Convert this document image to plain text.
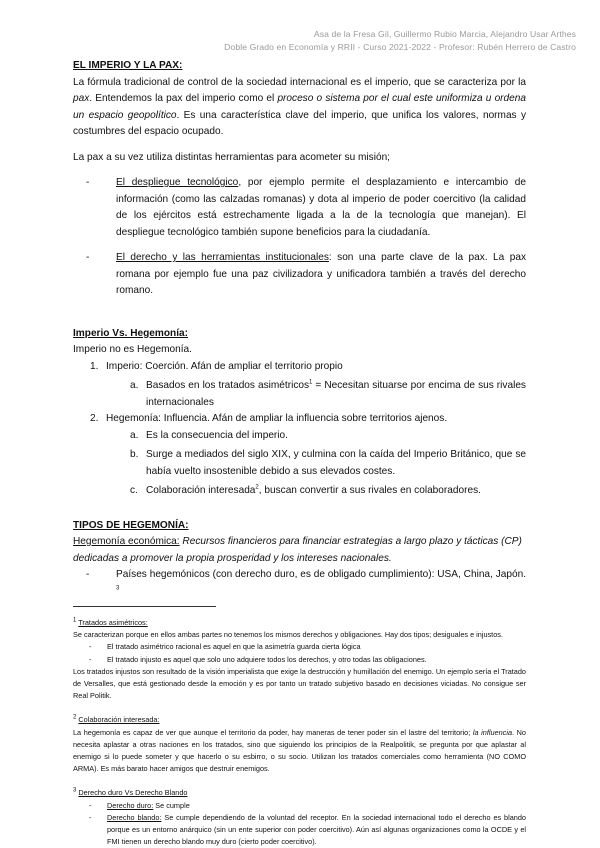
Asa de la Fresa Gil, Guillermo Rubio Marcia, Alejandro Usar Arthes
Doble Grado en Economía y RRII - Curso 2021-2022 - Profesor: Rubén Herrero de Castro
EL IMPERIO Y LA PAX:
La fórmula tradicional de control de la sociedad internacional es el imperio, que se caracteriza por la pax. Entendemos la pax del imperio como el proceso o sistema por el cual este uniformiza u ordena un espacio geopolítico. Es una característica clave del imperio, que unifica los valores, normas y costumbres del espacio ocupado.
La pax a su vez utiliza distintas herramientas para acometer su misión;
-	El despliegue tecnológico, por ejemplo permite el desplazamiento e intercambio de información (como las calzadas romanas) y dota al imperio de poder coercitivo (la calidad de los ejércitos está estrechamente ligada a la de la tecnología que manejan). El despliegue tecnológico también supone beneficios para la ciudadanía.
-	El derecho y las herramientas institucionales: son una parte clave de la pax. La pax romana por ejemplo fue una paz civilizadora y unificadora también a través del derecho romano.
Imperio Vs. Hegemonía:
Imperio no es Hegemonía.
1. Imperio: Coerción. Afán de ampliar el territorio propio
a. Basados en los tratados asimétricos$^1$ = Necesitan situarse por encima de sus rivales internacionales
2. Hegemonía: Influencia. Afán de ampliar la influencia sobre territorios ajenos.
a. Es la consecuencia del imperio.
b. Surge a mediados del siglo XIX, y culmina con la caída del Imperio Británico, que se había vuelto insostenible debido a sus elevados costes.
c. Colaboración interesada$^2$, buscan convertir a sus rivales en colaboradores.
TIPOS DE HEGEMONÍA:
Hegemonía económica: Recursos financieros para financiar estrategias a largo plazo y tácticas (CP) dedicadas a promover la propia prosperidad y los intereses nacionales.
-	Países hegemónicos (con derecho duro, es de obligado cumplimiento): USA, China, Japón. $^3$
$^1$ Tratados asimétricos:
Se caracterizan porque en ellos ambas partes no tenemos los mismos derechos y obligaciones. Hay dos tipos; desiguales e injustos.
- El tratado asimétrico racional es aquel en que la asimetría guarda cierta lógica
- El tratado injusto es aquel que solo uno adquiere todos los derechos, y otro todas las obligaciones.
Los tratados injustos son resultado de la visión imperialista que exige la destrucción y humillación del enemigo. Un ejemplo sería el Tratado de Versalles, que está gestionado desde la emoción y es por tanto un tratado subjetivo basado en decisiones viciadas. No consigue ser Real Politik.
$^2$ Colaboración interesada:
La hegemonía es capaz de ver que aunque el territorio da poder, hay maneras de tener poder sin el lastre del territorio; la influencia. No necesita aplastar a otras naciones en los tratados, sino que siguiendo los principios de la Realpolitik, se pregunta por que aplastar al enemigo si lo puede someter y que hacerlo o su esbirro, o su socio. Utilizan los tratados comerciales como herramienta (NO COMO ARMA). Es más barato hacer amigos que destruir enemigos.
$^3$ Derecho duro Vs Derecho Blando
- Derecho duro: Se cumple
- Derecho blando: Se cumple dependiendo de la voluntad del receptor. En la sociedad internacional todo el derecho es blando porque es un entorno anárquico (sin un ente superior con poder coercitivo). Aún así algunas organizaciones como la OCDE y el FMI tienen un derecho blando muy duro (cierto poder coercitivo).
